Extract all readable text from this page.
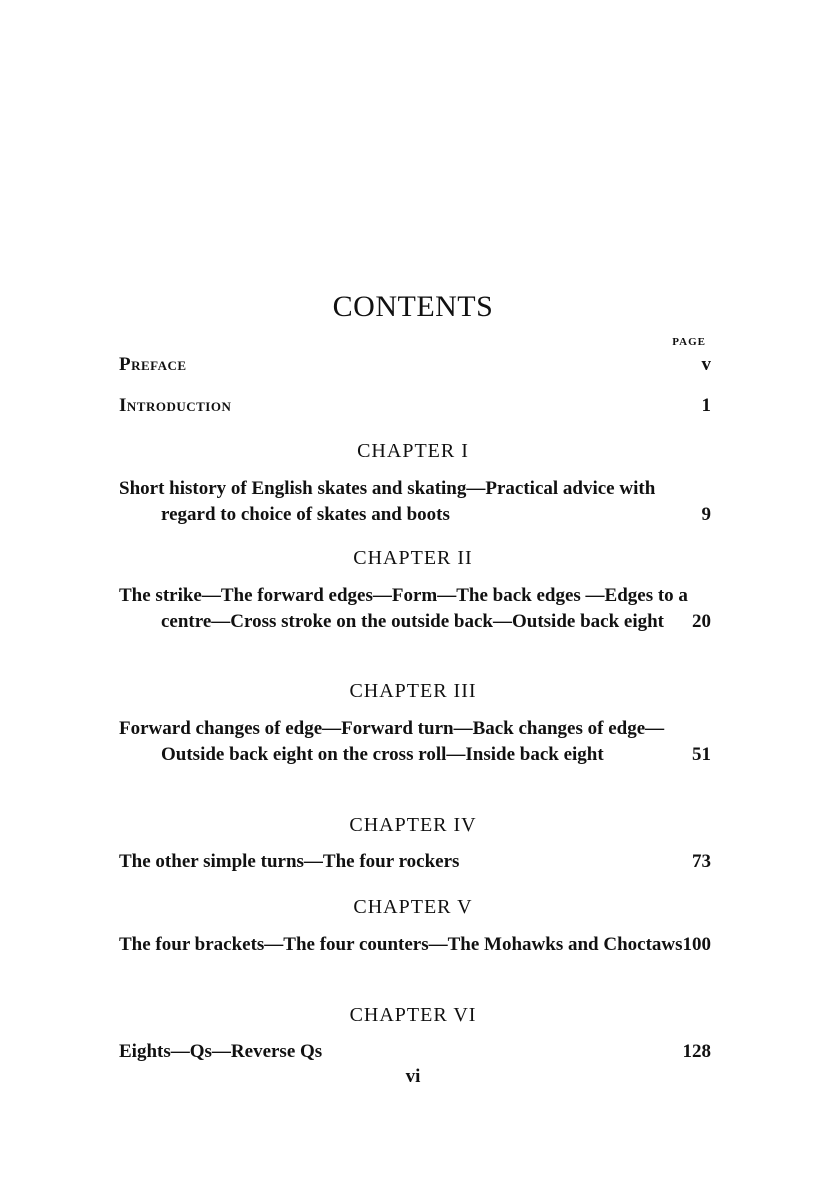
CONTENTS
PAGE
Preface	v
Introduction	1
CHAPTER I
Short history of English skates and skating—Practical advice with regard to choice of skates and boots	9
CHAPTER II
The strike—The forward edges—Form—The back edges —Edges to a centre—Cross stroke on the outside back—Outside back eight	20
CHAPTER III
Forward changes of edge—Forward turn—Back changes of edge—Outside back eight on the cross roll—Inside back eight	51
CHAPTER IV
The other simple turns—The four rockers	73
CHAPTER V
The four brackets—The four counters—The Mohawks and Choctaws 100
CHAPTER VI
Eights—Qs—Reverse Qs	128
vi
